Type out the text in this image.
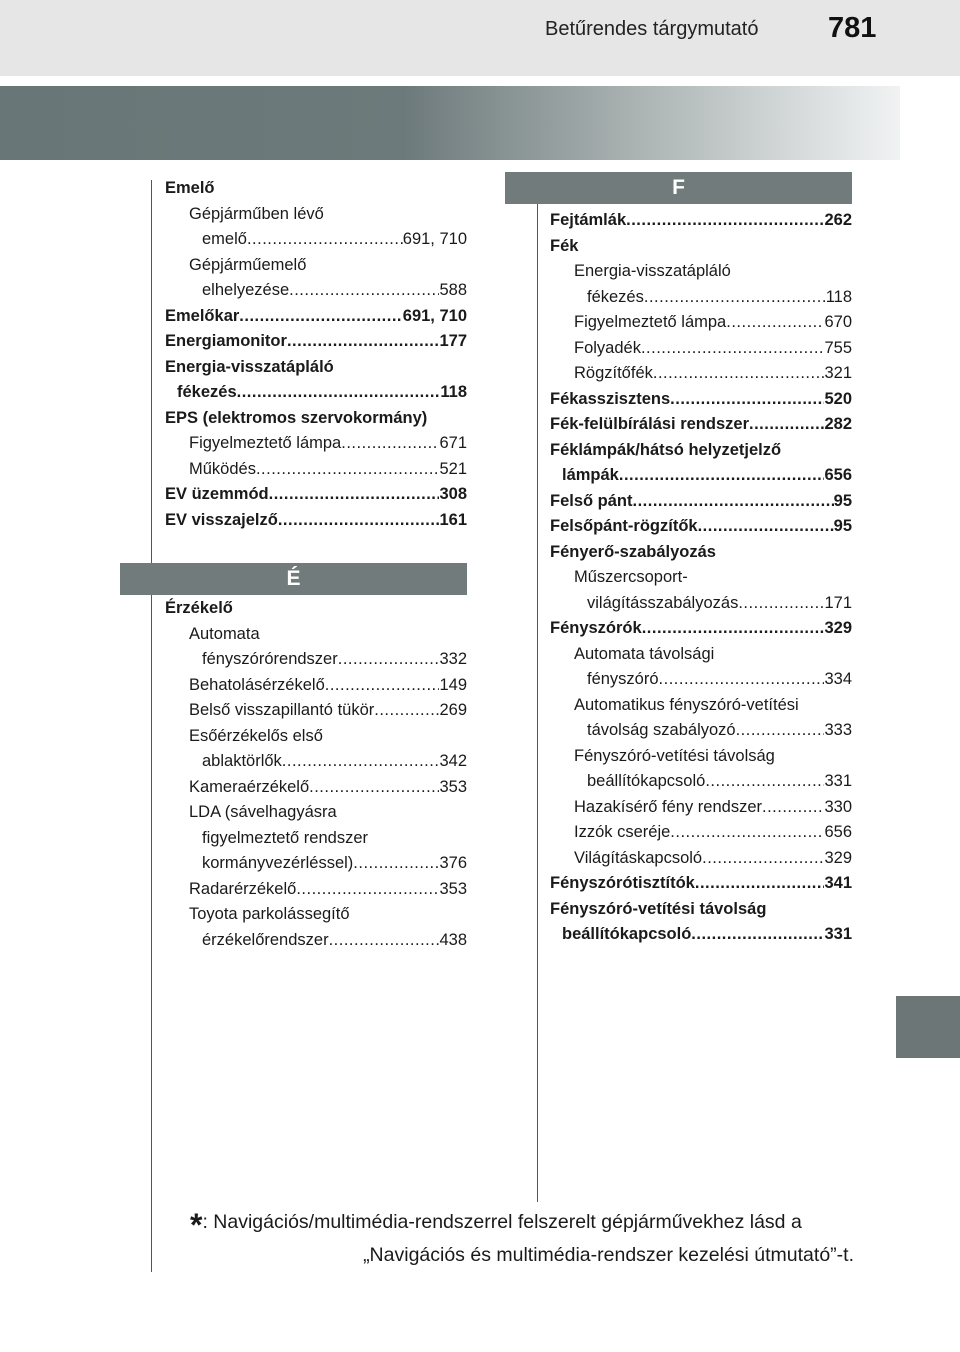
Betűrendes tárgymutató 781
Emelő
Gépjárműben lévő
emelő .....	691, 710
Gépjárműemelő
elhelyezése .....	588
Emelőkar .....	691, 710
Energiamonitor .....	177
Energia-visszatápláló
fékezés .....	118
EPS (elektromos szervokormány)
Figyelmeztető lámpa .....	671
Működés .....	521
EV üzemmód .....	308
EV visszajelző .....	161
É
Érzékelő
Automata
fényszórórendszer .....	332
Behatolásérzékelő .....	149
Belső visszapillantó tükör .....	269
Esőérzékelős első
ablaktörlők .....	342
Kameraérzékelő .....	353
LDA (sávelhagyásra
figyelmeztető rendszer
kormányvezérléssel) .....	376
Radarérzékelő .....	353
Toyota parkolássegítő
érzékelőrendszer .....	438
F
Fejtámlák .....	262
Fék
Energia-visszatápláló
fékezés .....	118
Figyelmeztető lámpa .....	670
Folyadék .....	755
Rögzítőfék .....	321
Fékasszisztens .....	520
Fék-felülbírálási rendszer .....	282
Féklámpák/hátsó helyzetjelző
lámpák .....	656
Felső pánt .....	95
Felsőpánt-rögzítők .....	95
Fényerő-szabályozás
Műszercsoport-
világításszabályozás .....	171
Fényszórók .....	329
Automata távolsági
fényszóró .....	334
Automatikus fényszóró-vetítési
távolság szabályozó .....	333
Fényszóró-vetítési távolság
beállítókapcsoló .....	331
Hazakísérő fény rendszer .....	330
Izzók cseréje .....	656
Világításkapcsoló .....	329
Fényszórótisztítók .....	341
Fényszóró-vetítési távolság
beállítókapcsoló .....	331
*: Navigációs/multimédia-rendszerrel felszerelt gépjárművekhez lásd a
„Navigációs és multimédia-rendszer kezelési útmutató”-t.
